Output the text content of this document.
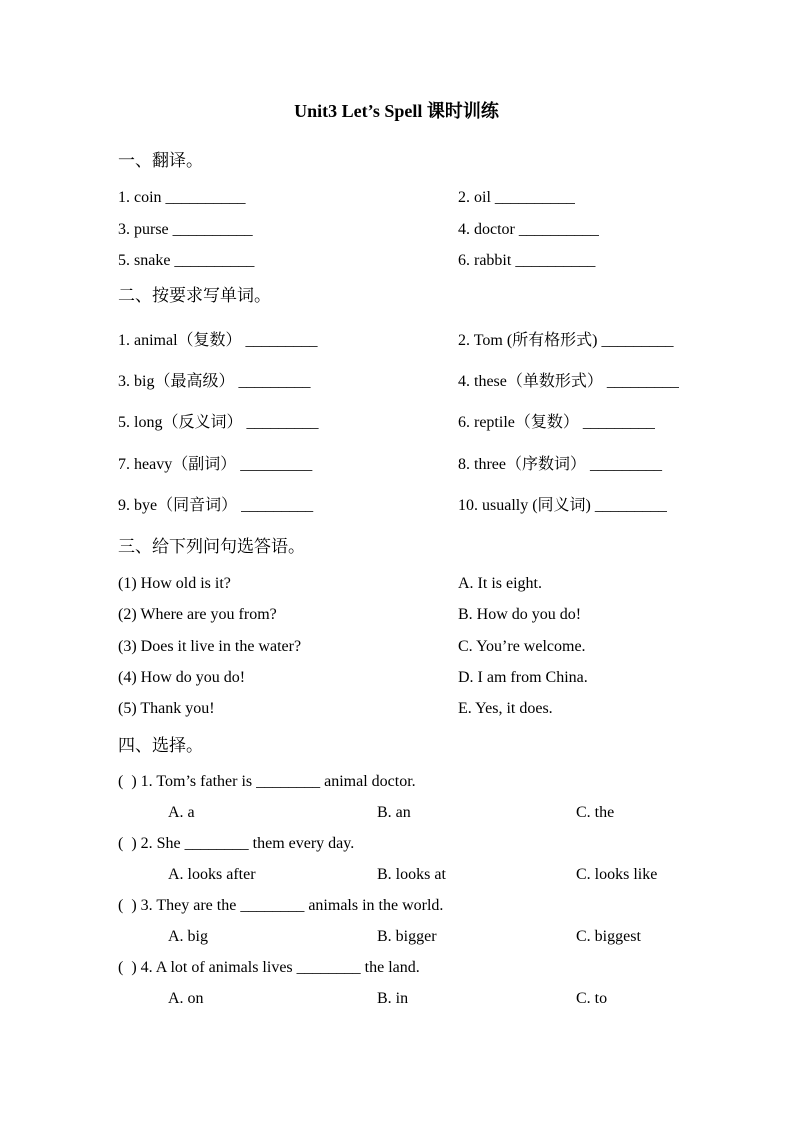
Unit3 Let’s Spell 课时训练
一、翻译。
1. coin __________	2. oil __________
3. purse __________	4. doctor __________
5. snake __________	6. rabbit __________
二、按要求写单词。
1. animal（复数） _________	2. Tom (所有格形式) _________
3. big（最高级） _________	4. these（单数形式） _________
5. long（反义词） _________	6. reptile（复数） _________
7. heavy（副词） _________	8. three（序数词） _________
9. bye（同音词） _________	10. usually (同义词) _________
三、给下列问句选答语。
(1) How old is it?	A. It is eight.
(2) Where are you from?	B. How do you do!
(3) Does it live in the water?	C. You’re welcome.
(4) How do you do!	D. I am from China.
(5) Thank you!	E. Yes, it does.
四、选择。
(  ) 1. Tom’s father is ________ animal doctor.
A. a	B. an	C. the
(  ) 2. She ________ them every day.
A. looks after	B. looks at	C. looks like
(  ) 3. They are the ________ animals in the world.
A. big	B. bigger	C. biggest
(  ) 4. A lot of animals lives ________ the land.
A. on	B. in	C. to
